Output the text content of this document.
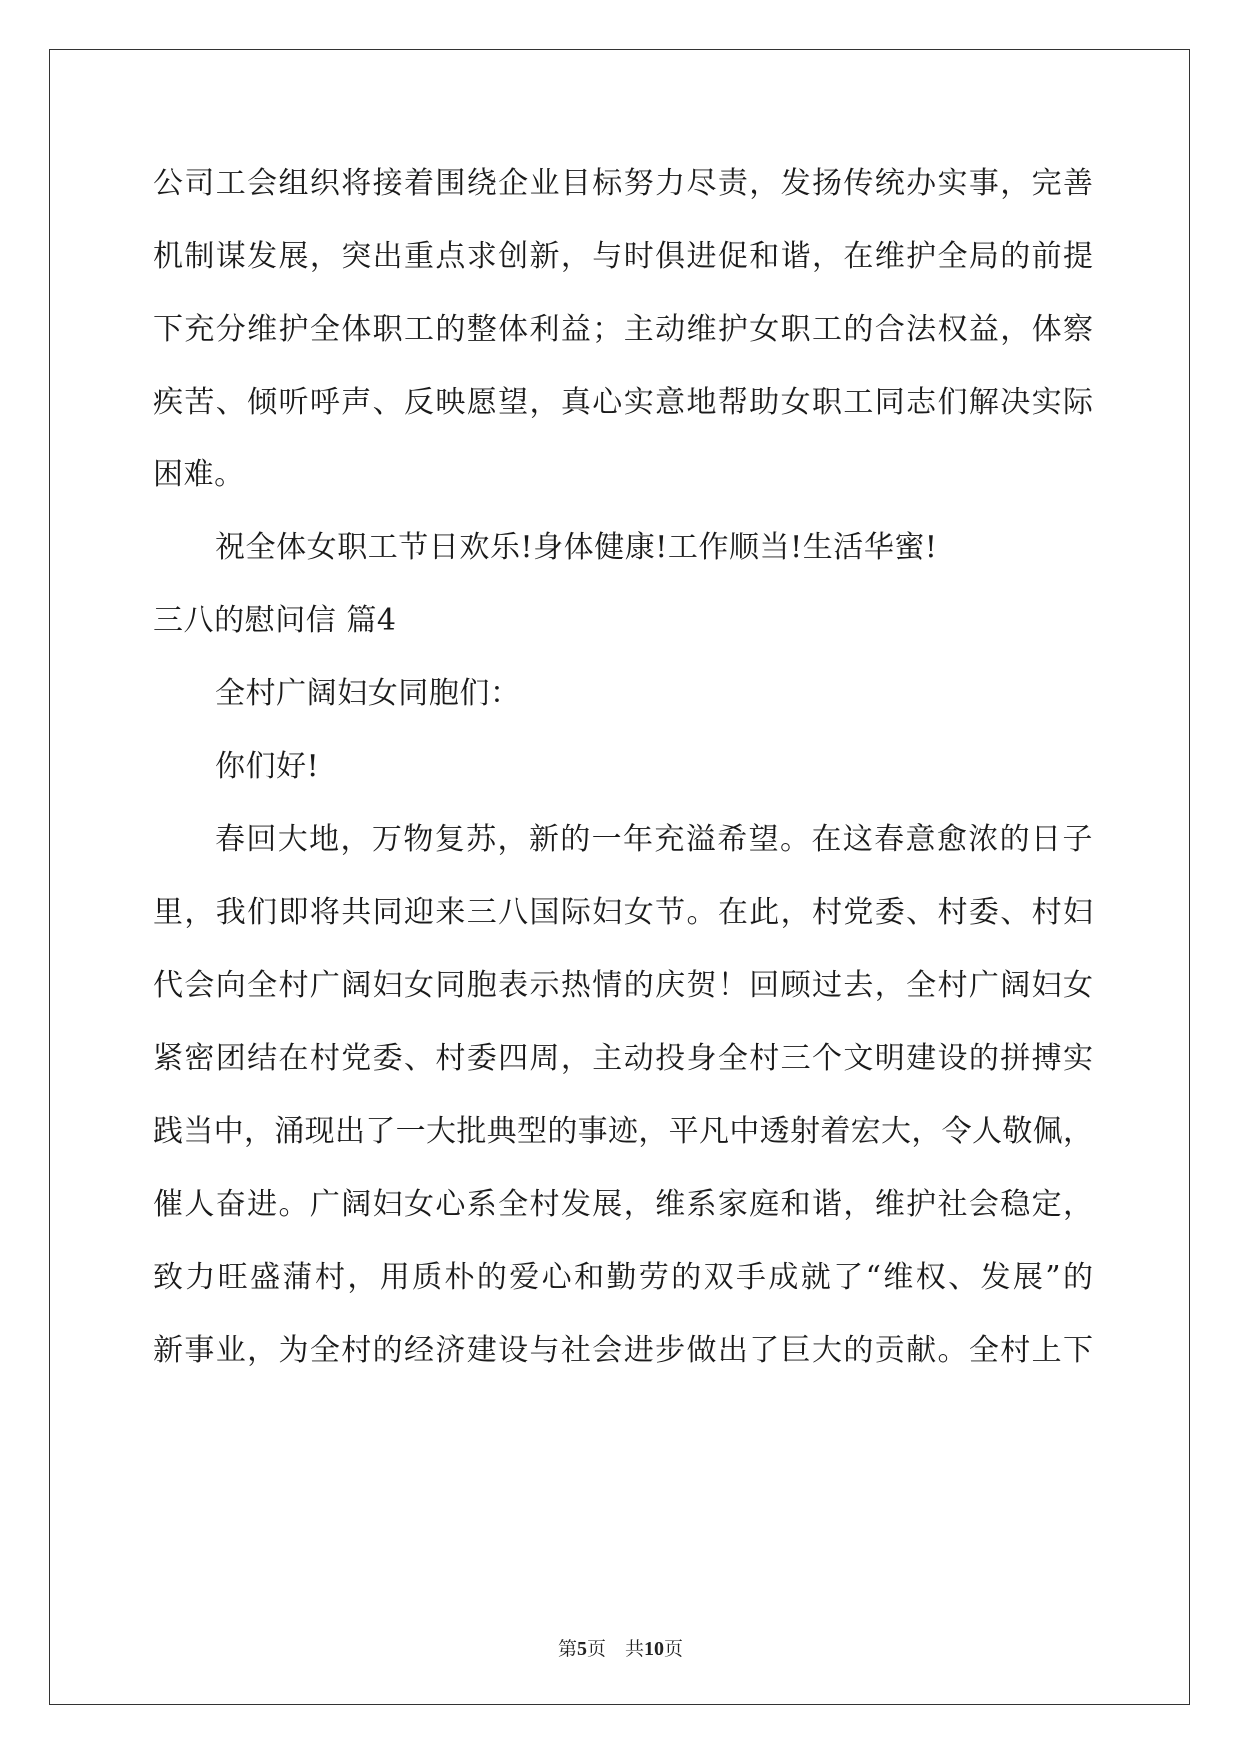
公司工会组织将接着围绕企业目标努力尽责，发扬传统办实事，完善
机制谋发展，突出重点求创新，与时俱进促和谐，在维护全局的前提
下充分维护全体职工的整体利益；主动维护女职工的合法权益，体察
疾苦、倾听呼声、反映愿望，真心实意地帮助女职工同志们解决实际
困难。
祝全体女职工节日欢乐!身体健康!工作顺当!生活华蜜!
三八的慰问信 篇4
全村广阔妇女同胞们：
你们好!
春回大地，万物复苏，新的一年充溢希望。在这春意愈浓的日子
里，我们即将共同迎来三八国际妇女节。在此，村党委、村委、村妇
代会向全村广阔妇女同胞表示热情的庆贺！回顾过去，全村广阔妇女
紧密团结在村党委、村委四周，主动投身全村三个文明建设的拼搏实
践当中，涌现出了一大批典型的事迹，平凡中透射着宏大，令人敬佩，
催人奋进。广阔妇女心系全村发展，维系家庭和谐，维护社会稳定，
致力旺盛蒲村，用质朴的爱心和勤劳的双手成就了“维权、发展”的
新事业，为全村的经济建设与社会进步做出了巨大的贡献。全村上下
第5页　共10页
